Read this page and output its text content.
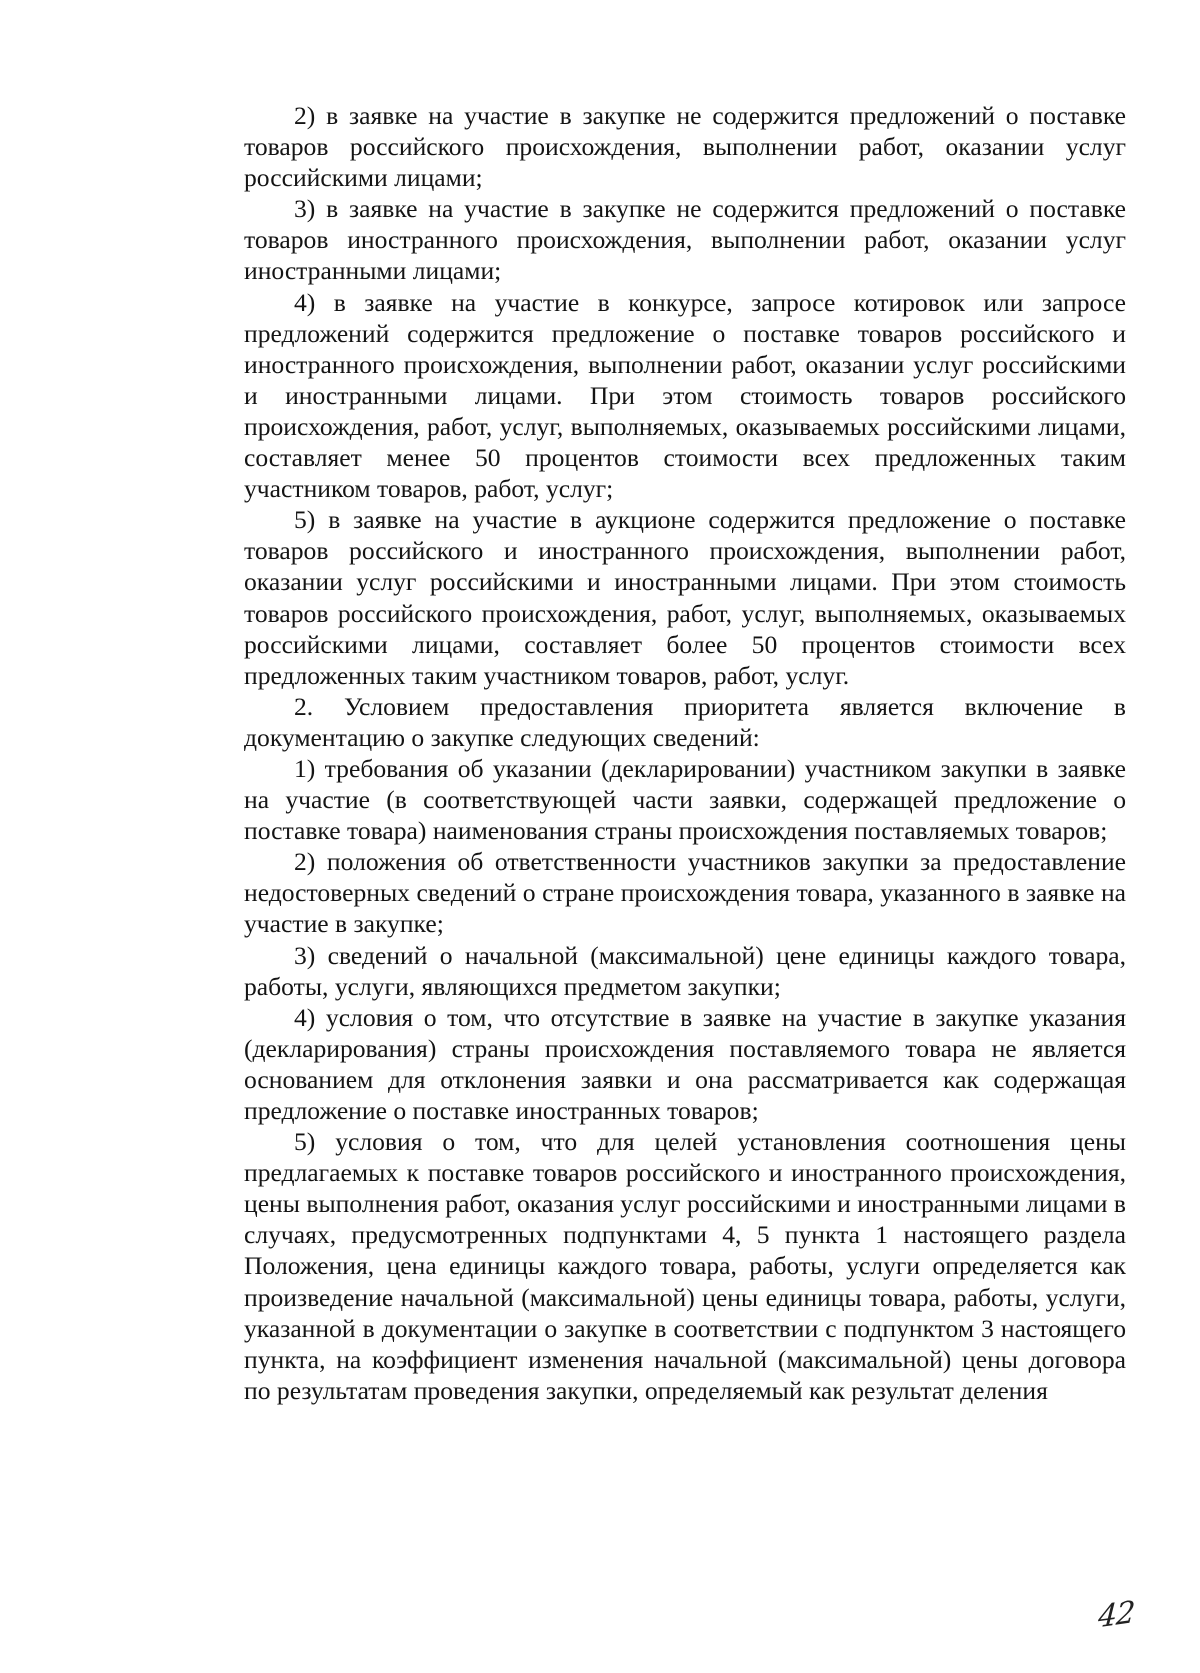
2) в заявке на участие в закупке не содержится предложений о поставке товаров российского происхождения, выполнении работ, оказании услуг российскими лицами;

3) в заявке на участие в закупке не содержится предложений о поставке товаров иностранного происхождения, выполнении работ, оказании услуг иностранными лицами;

4) в заявке на участие в конкурсе, запросе котировок или запросе предложений содержится предложение о поставке товаров российского и иностранного происхождения, выполнении работ, оказании услуг российскими и иностранными лицами. При этом стоимость товаров российского происхождения, работ, услуг, выполняемых, оказываемых российскими лицами, составляет менее 50 процентов стоимости всех предложенных таким участником товаров, работ, услуг;

5) в заявке на участие в аукционе содержится предложение о поставке товаров российского и иностранного происхождения, выполнении работ, оказании услуг российскими и иностранными лицами. При этом стоимость товаров российского происхождения, работ, услуг, выполняемых, оказываемых российскими лицами, составляет более 50 процентов стоимости всех предложенных таким участником товаров, работ, услуг.

2. Условием предоставления приоритета является включение в документацию о закупке следующих сведений:

1) требования об указании (декларировании) участником закупки в заявке на участие (в соответствующей части заявки, содержащей предложение о поставке товара) наименования страны происхождения поставляемых товаров;

2) положения об ответственности участников закупки за предоставление недостоверных сведений о стране происхождения товара, указанного в заявке на участие в закупке;

3) сведений о начальной (максимальной) цене единицы каждого товара, работы, услуги, являющихся предметом закупки;

4) условия о том, что отсутствие в заявке на участие в закупке указания (декларирования) страны происхождения поставляемого товара не является основанием для отклонения заявки и она рассматривается как содержащая предложение о поставке иностранных товаров;

5) условия о том, что для целей установления соотношения цены предлагаемых к поставке товаров российского и иностранного происхождения, цены выполнения работ, оказания услуг российскими и иностранными лицами в случаях, предусмотренных подпунктами 4, 5 пункта 1 настоящего раздела Положения, цена единицы каждого товара, работы, услуги определяется как произведение начальной (максимальной) цены единицы товара, работы, услуги, указанной в документации о закупке в соответствии с подпунктом 3 настоящего пункта, на коэффициент изменения начальной (максимальной) цены договора по результатам проведения закупки, определяемый как результат деления

42
